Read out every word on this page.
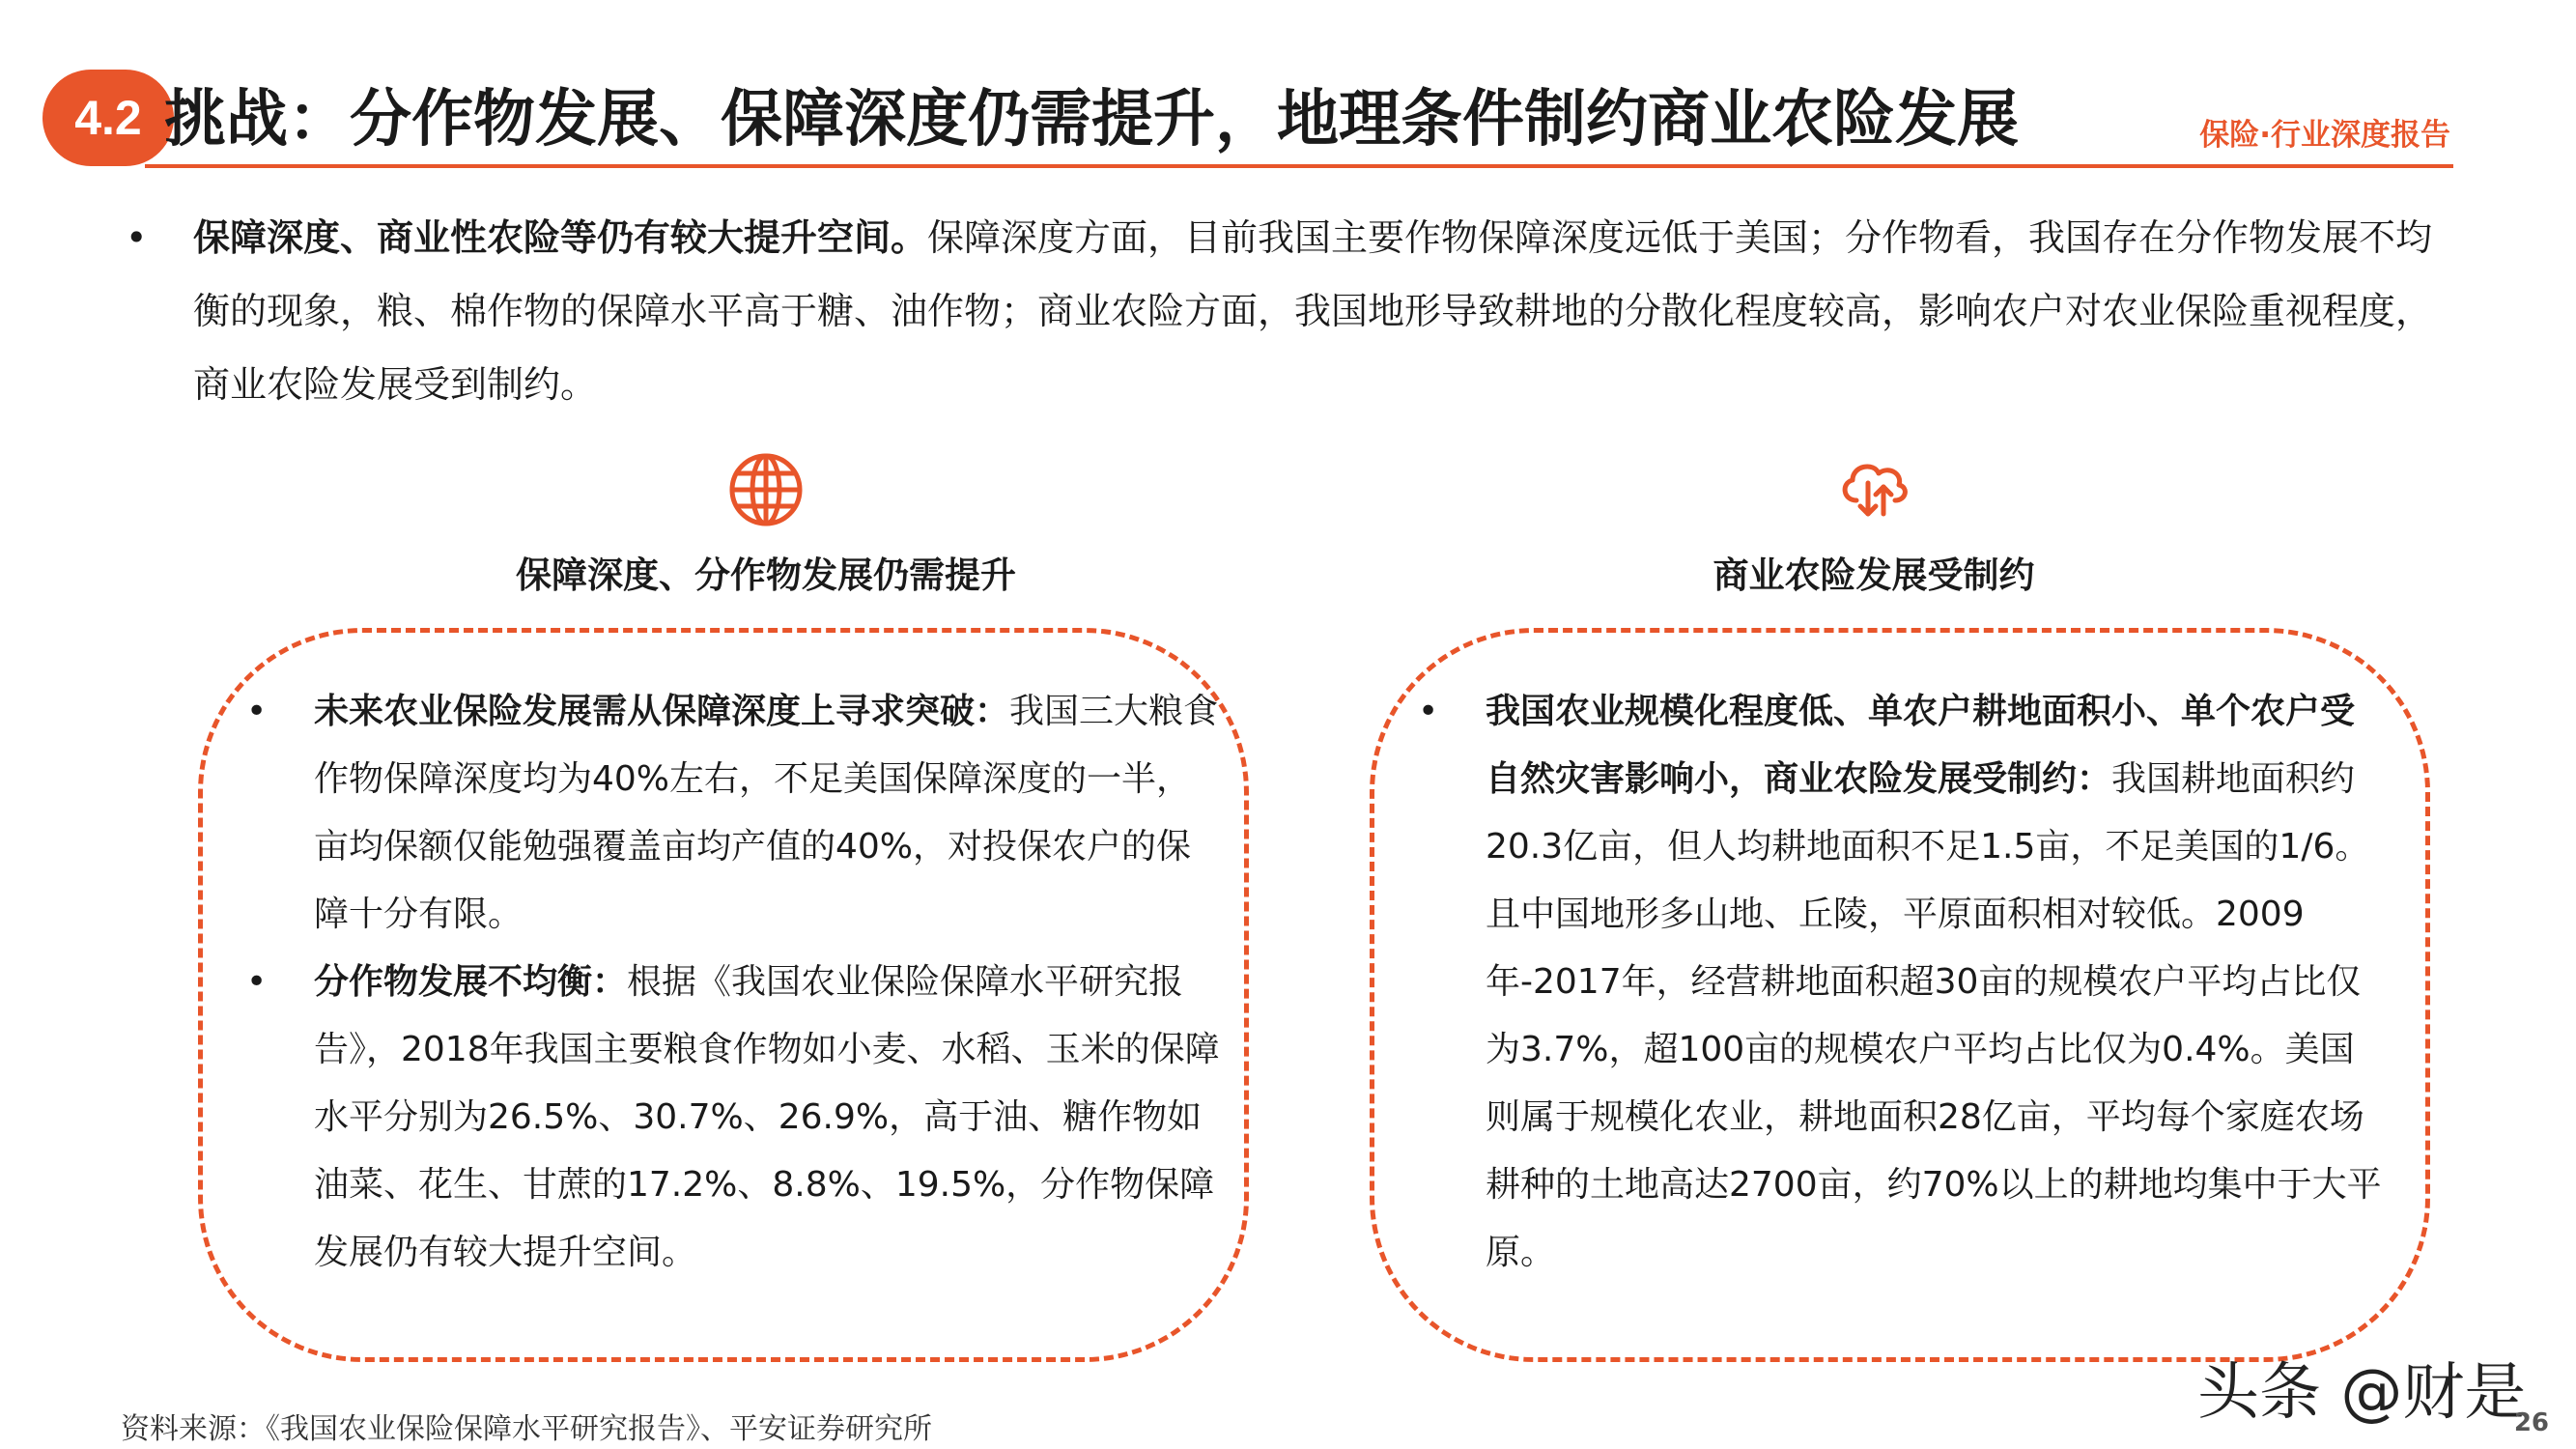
4.2 挑战：分作物发展、保障深度仍需提升，地理条件制约商业农险发展	保险·行业深度报告
• 保障深度、商业性农险等仍有较大提升空间。保障深度方面，目前我国主要作物保障深度远低于美国；分作物看，我国存在分作物发展不均衡的现象，粮、棉作物的保障水平高于糖、油作物；商业农险方面，我国地形导致耕地的分散化程度较高，影响农户对农业保险重视程度，商业农险发展受到制约。
保障深度、分作物发展仍需提升
• 未来农业保险发展需从保障深度上寻求突破：我国三大粮食作物保障深度均为40%左右，不足美国保障深度的一半，亩均保额仅能勉强覆盖亩均产值的40%，对投保农户的保障十分有限。
• 分作物发展不均衡：根据《我国农业保险保障水平研究报告》，2018年我国主要粮食作物如小麦、水稻、玉米的保障水平分别为26.5%、30.7%、26.9%，高于油、糖作物如油菜、花生、甘蔗的17.2%、8.8%、19.5%，分作物保障发展仍有较大提升空间。
商业农险发展受制约
• 我国农业规模化程度低、单农户耕地面积小、单个农户受自然灾害影响小，商业农险发展受制约：我国耕地面积约20.3亿亩，但人均耕地面积不足1.5亩，不足美国的1/6。且中国地形多山地、丘陵，平原面积相对较低。2009年-2017年，经营耕地面积超30亩的规模农户平均占比仅为3.7%，超100亩的规模农户平均占比仅为0.4%。美国则属于规模化农业，耕地面积28亿亩，平均每个家庭农场耕种的土地高达2700亩，约70%以上的耕地均集中于大平原。
资料来源：《我国农业保险保障水平研究报告》、平安证券研究所
头条 @财是
26
